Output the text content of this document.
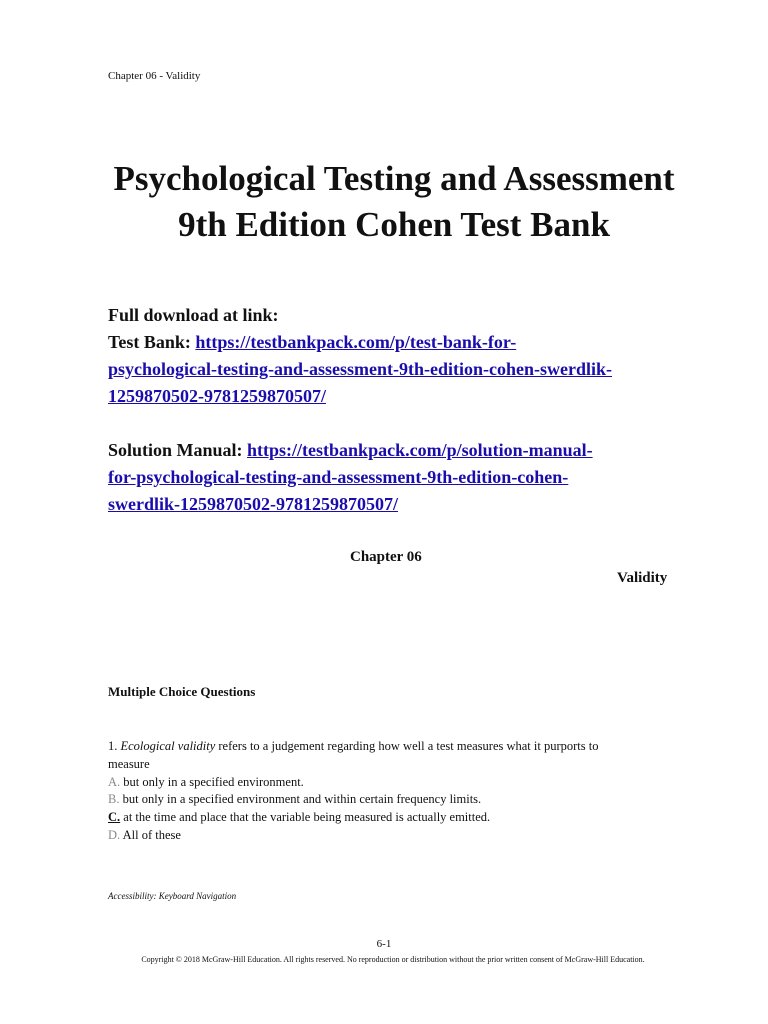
Chapter 06 - Validity
Psychological Testing and Assessment
9th Edition Cohen Test Bank
Full download at link:
Test Bank: https://testbankpack.com/p/test-bank-for-
psychological-testing-and-assessment-9th-edition-cohen-swerdlik-
1259870502-9781259870507/

Solution Manual: https://testbankpack.com/p/solution-manual-
for-psychological-testing-and-assessment-9th-edition-cohen-
swerdlik-1259870502-9781259870507/
Chapter 06
Validity
Multiple Choice Questions
1. Ecological validity refers to a judgement regarding how well a test measures what it purports to measure
A. but only in a specified environment.
B. but only in a specified environment and within certain frequency limits.
C. at the time and place that the variable being measured is actually emitted.
D. All of these
Accessibility: Keyboard Navigation
6-1
Copyright © 2018 McGraw-Hill Education. All rights reserved. No reproduction or distribution without the prior written consent of McGraw-Hill Education.
